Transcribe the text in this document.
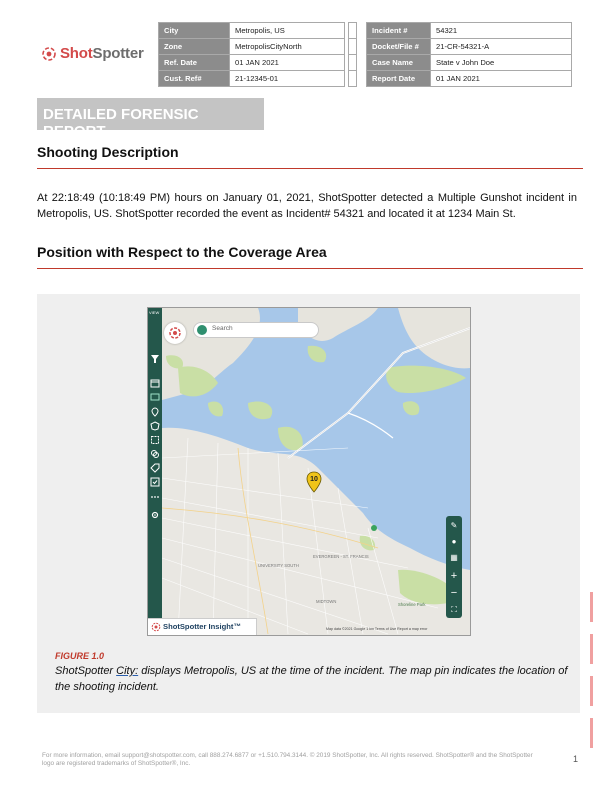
ShotSpotter
City	Metropolis, US
Zone	MetropolisCityNorth
Ref. Date	01 JAN 2021
Cust. Ref#	21-12345-01

Incident #	54321
Docket/File #	21-CR-54321-A
Case Name	State v John Doe
Report Date	01 JAN 2021
DETAILED FORENSIC REPORT
Shooting Description
At 22:18:49 (10:18:49 PM) hours on January 01, 2021, ShotSpotter detected a Multiple Gunshot incident in Metropolis, US. ShotSpotter recorded the event as Incident# 54321 and located it at 1234 Main St.
Position with Respect to the Coverage Area
EVERGREEN - ST. FRANCIS
UNIVERSITY SOUTH
MIDTOWN
Shoreline Park
VIEW
Search
10
✎
●
▦
+
−
⛶
ShotSpotter Insight™	Map data ©2021 Google 1 km Terms of Use Report a map error
FIGURE 1.0
ShotSpotter City: displays Metropolis, US at the time of the incident. The map pin indicates the location of the shooting incident.
For more information, email support@shotspotter.com, call 888.274.6877 or +1.510.794.3144. © 2019 ShotSpotter, Inc. All rights reserved. ShotSpotter® and the ShotSpotter logo are registered trademarks of ShotSpotter®, Inc.	1
